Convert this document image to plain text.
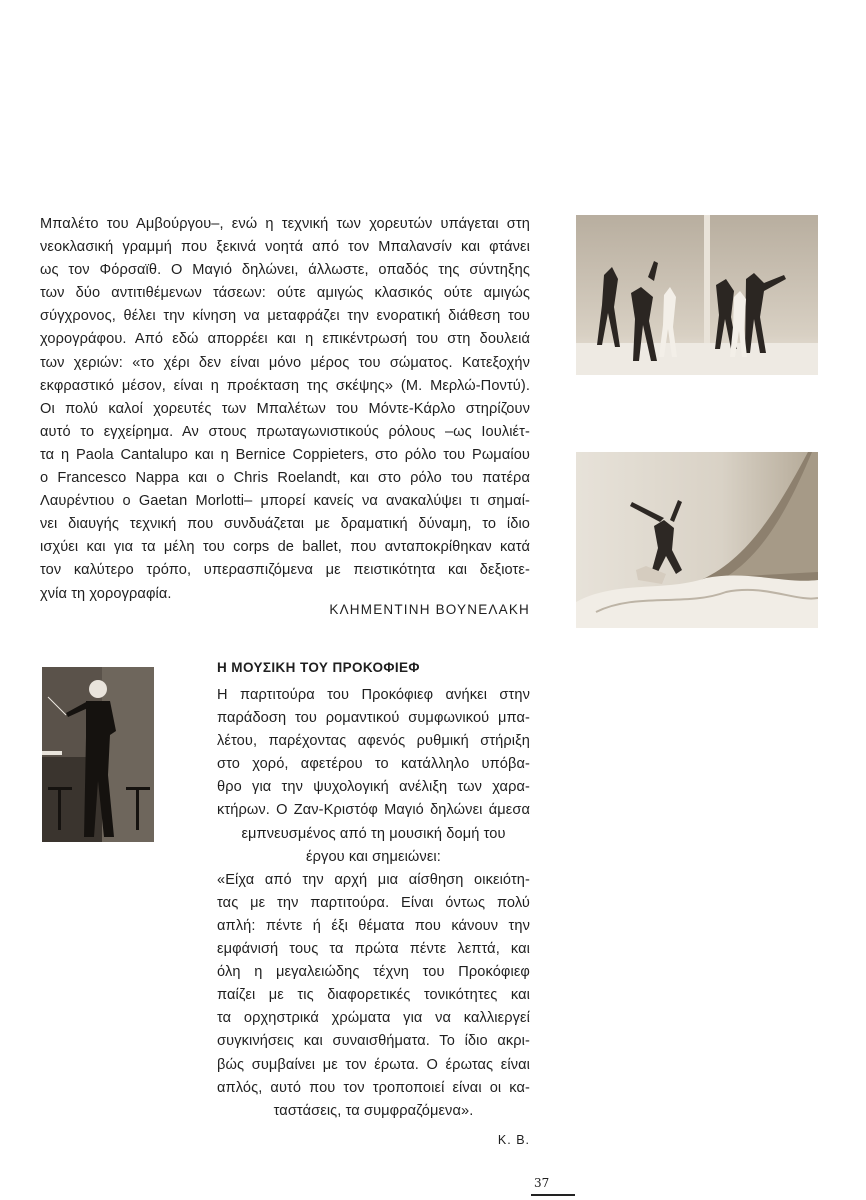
Μπαλέτο του Αμβούργου–, ενώ η τεχνική των χορευτών υπάγεται στη
νεοκλασική γραμμή που ξεκινά νοητά από τον Μπαλανσίν και φτάνει
ως τον Φόρσαϊθ. Ο Μαγιό δηλώνει, άλλωστε, οπαδός της σύντηξης
των δύο αντιτιθέμενων τάσεων: ούτε αμιγώς κλασικός ούτε αμιγώς
σύγχρονος, θέλει την κίνηση να μεταφράζει την ενορατική διάθεση του
χορογράφου. Από εδώ απορρέει και η επικέντρωσή του στη δουλειά
των χεριών: «το χέρι δεν είναι μόνο μέρος του σώματος. Κατεξοχήν
εκφραστικό μέσον, είναι η προέκταση της σκέψης» (Μ. Μερλώ-Ποντύ).
Οι πολύ καλοί χορευτές των Μπαλέτων του Μόντε-Κάρλο στηρίζουν
αυτό το εγχείρημα. Αν στους πρωταγωνιστικούς ρόλους –ως Ιουλιέτ-
τα η Paola Cantalupo και η Bernice Coppieters, στο ρόλο του Ρωμαίου
ο Francesco Nappa και ο Chris Roelandt, και στο ρόλο του πατέρα
Λαυρέντιου ο Gaetan Morlotti– μπορεί κανείς να ανακαλύψει τι σημαί-
νει διαυγής τεχνική που συνδυάζεται με δραματική δύναμη, το ίδιο
ισχύει και για τα μέλη του corps de ballet, που ανταποκρίθηκαν κατά
τον καλύτερο τρόπο, υπερασπιζόμενα με πειστικότητα και δεξιοτε-
χνία τη χορογραφία.
ΚΛΗΜΕΝΤΙΝΗ ΒΟΥΝΕΛΑΚΗ
Η ΜΟΥΣΙΚΗ ΤΟΥ ΠΡΟΚΟΦΙΕΦ
Η παρτιτούρα του Προκόφιεφ ανήκει στην
παράδοση του ρομαντικού συμφωνικού μπα-
λέτου, παρέχοντας αφενός ρυθμική στήριξη
στο χορό, αφετέρου το κατάλληλο υπόβα-
θρο για την ψυχολογική ανέλιξη των χαρα-
κτήρων. Ο Ζαν-Κριστόφ Μαγιό δηλώνει άμεσα
εμπνευσμένος από τη μουσική δομή του
έργου και σημειώνει:
«Είχα από την αρχή μια αίσθηση οικειότη-
τας με την παρτιτούρα. Είναι όντως πολύ
απλή: πέντε ή έξι θέματα που κάνουν την
εμφάνισή τους τα πρώτα πέντε λεπτά, και
όλη η μεγαλειώδης τέχνη του Προκόφιεφ
παίζει με τις διαφορετικές τονικότητες και
τα ορχηστρικά χρώματα για να καλλιεργεί
συγκινήσεις και συναισθήματα. Το ίδιο ακρι-
βώς συμβαίνει με τον έρωτα. Ο έρωτας είναι
απλός, αυτό που τον τροποποιεί είναι οι κα-
ταστάσεις, τα συμφραζόμενα».
Κ. Β.
37
